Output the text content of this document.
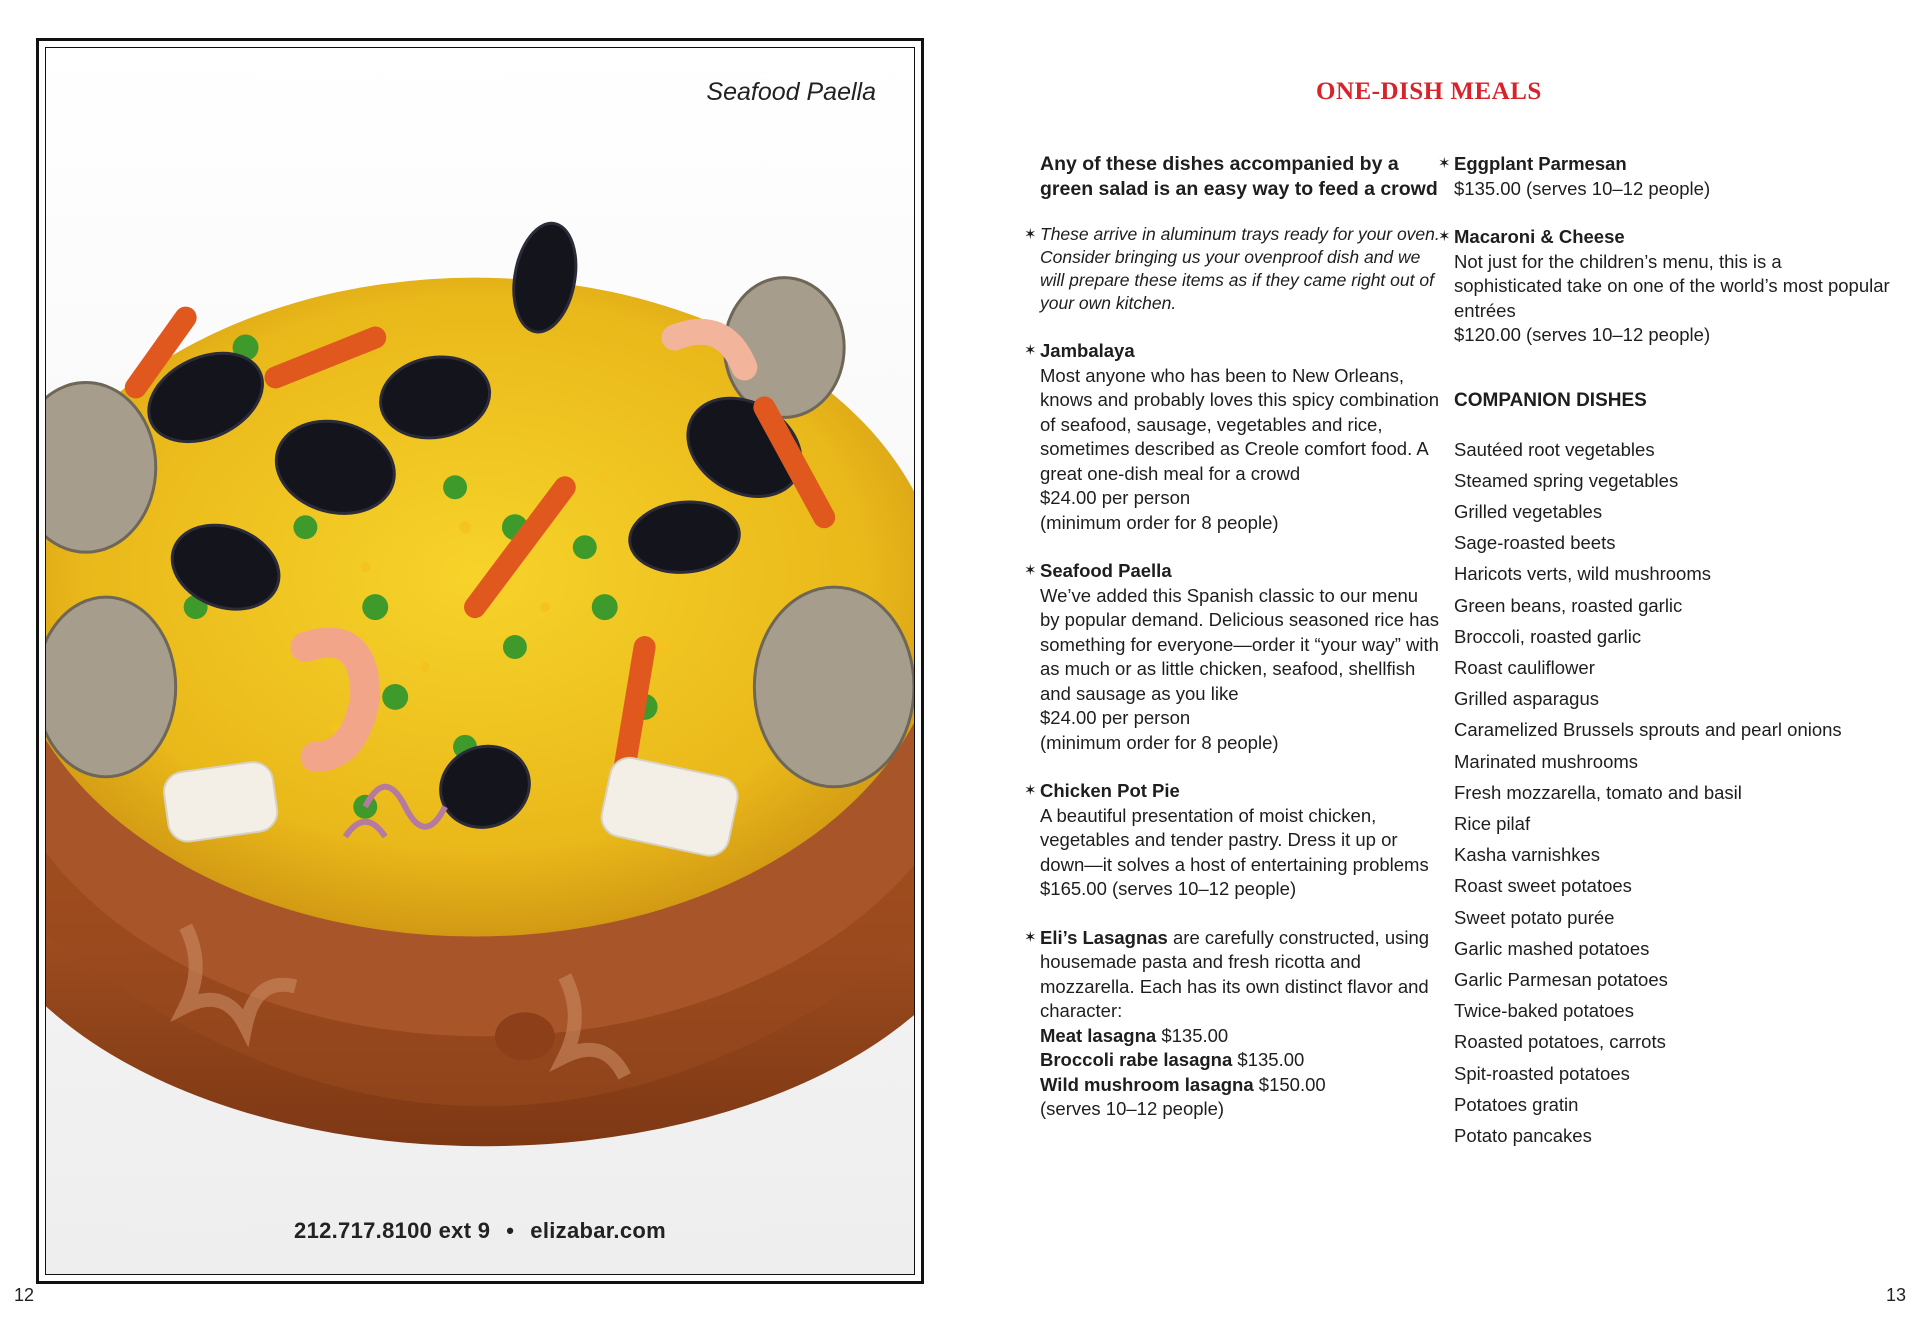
Seafood Paella
212.717.8100 ext 9 • elizabar.com
12
ONE-DISH MEALS
Any of these dishes accompanied by a green salad is an easy way to feed a crowd
✶ These arrive in aluminum trays ready for your oven. Consider bringing us your ovenproof dish and we will prepare these items as if they came right out of your own kitchen.
✶ Jambalaya
Most anyone who has been to New Orleans, knows and probably loves this spicy combination of seafood, sausage, vegetables and rice, sometimes described as Creole comfort food. A great one-dish meal for a crowd
$24.00 per person
(minimum order for 8 people)
✶ Seafood Paella
We’ve added this Spanish classic to our menu by popular demand. Delicious seasoned rice has something for everyone—order it “your way” with as much or as little chicken, seafood, shellfish and sausage as you like
$24.00 per person
(minimum order for 8 people)
✶ Chicken Pot Pie
A beautiful presentation of moist chicken, vegetables and tender pastry. Dress it up or down—it solves a host of entertaining problems
$165.00 (serves 10–12 people)
✶ Eli’s Lasagnas are carefully constructed, using housemade pasta and fresh ricotta and mozzarella. Each has its own distinct flavor and character:
Meat lasagna $135.00
Broccoli rabe lasagna $135.00
Wild mushroom lasagna $150.00
(serves 10–12 people)
✶ Eggplant Parmesan
$135.00 (serves 10–12 people)
✶ Macaroni & Cheese
Not just for the children’s menu, this is a sophisticated take on one of the world’s most popular entrées
$120.00 (serves 10–12 people)
COMPANION DISHES
Sautéed root vegetables
Steamed spring vegetables
Grilled vegetables
Sage-roasted beets
Haricots verts, wild mushrooms
Green beans, roasted garlic
Broccoli, roasted garlic
Roast cauliflower
Grilled asparagus
Caramelized Brussels sprouts and pearl onions
Marinated mushrooms
Fresh mozzarella, tomato and basil
Rice pilaf
Kasha varnishkes
Roast sweet potatoes
Sweet potato purée
Garlic mashed potatoes
Garlic Parmesan potatoes
Twice-baked potatoes
Roasted potatoes, carrots
Spit-roasted potatoes
Potatoes gratin
Potato pancakes
13
